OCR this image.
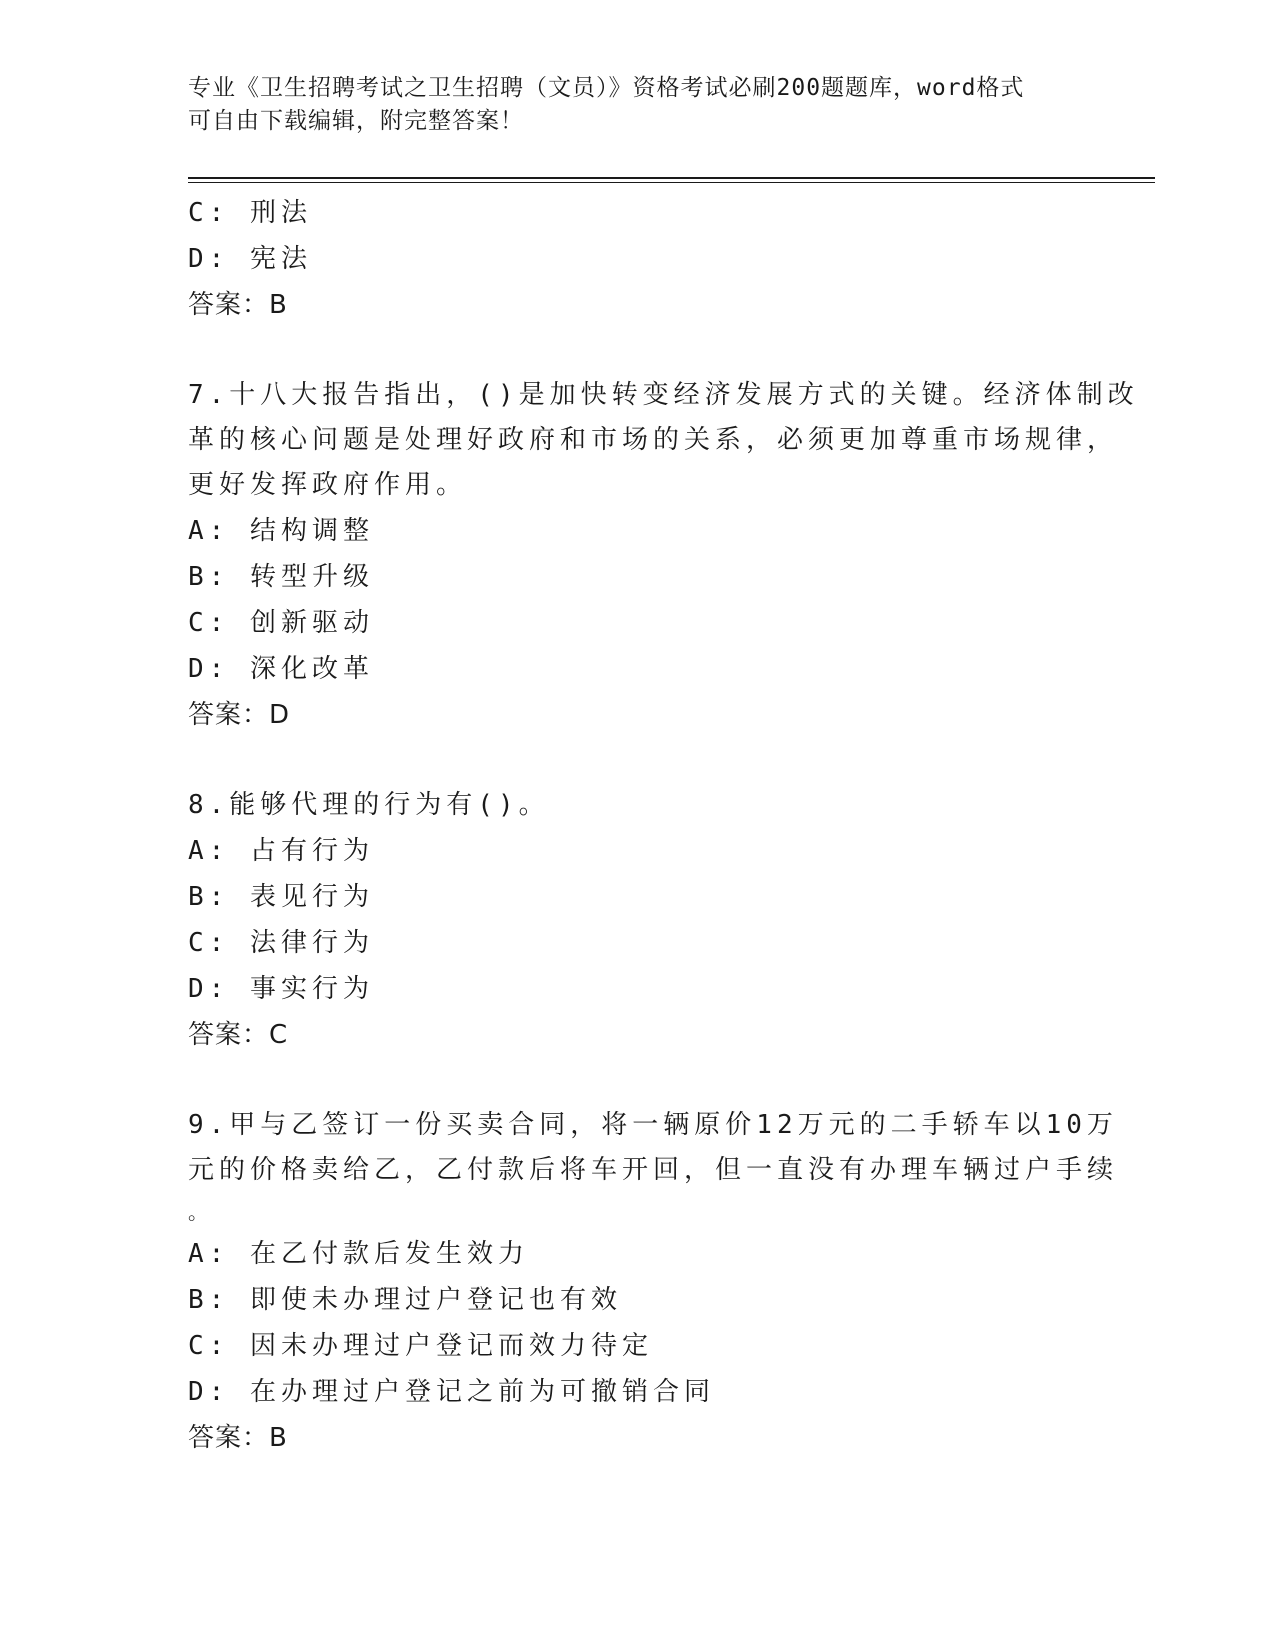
专业《卫生招聘考试之卫生招聘（文员）》资格考试必刷200题题库，word格式
可自由下载编辑，附完整答案！
C: 刑法
D: 宪法
答案：B
7.十八大报告指出，()是加快转变经济发展方式的关键。经济体制改
革的核心问题是处理好政府和市场的关系，必须更加尊重市场规律，
更好发挥政府作用。
A: 结构调整
B: 转型升级
C: 创新驱动
D: 深化改革
答案：D
8.能够代理的行为有()。
A: 占有行为
B: 表见行为
C: 法律行为
D: 事实行为
答案：C
9.甲与乙签订一份买卖合同，将一辆原价12万元的二手轿车以10万
元的价格卖给乙，乙付款后将车开回，但一直没有办理车辆过户手续
。
A: 在乙付款后发生效力
B: 即使未办理过户登记也有效
C: 因未办理过户登记而效力待定
D: 在办理过户登记之前为可撤销合同
答案：B
